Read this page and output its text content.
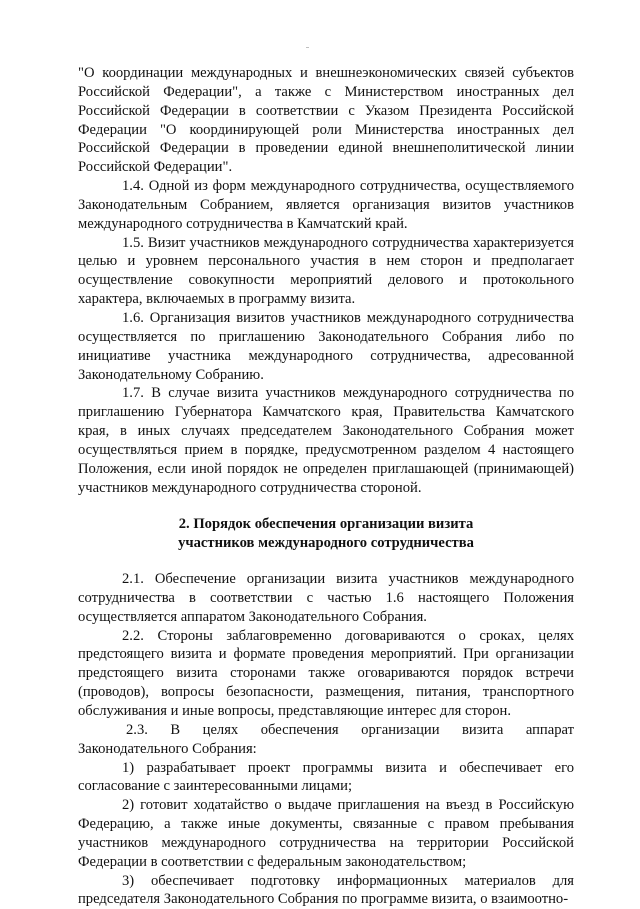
"О координации международных и внешнеэкономических связей субъектов Российской Федерации", а также с Министерством иностранных дел Российской Федерации в соответствии с Указом Президента Российской Федерации "О координирующей роли Министерства иностранных дел Российской Федерации в проведении единой внешнеполитической линии Российской Федерации".

1.4. Одной из форм международного сотрудничества, осуществляемого Законодательным Собранием, является организация визитов участников международного сотрудничества в Камчатский край.

1.5. Визит участников международного сотрудничества характеризуется целью и уровнем персонального участия в нем сторон и предполагает осуществление совокупности мероприятий делового и протокольного характера, включаемых в программу визита.

1.6. Организация визитов участников международного сотрудничества осуществляется по приглашению Законодательного Собрания либо по инициативе участника международного сотрудничества, адресованной Законодательному Собранию.

1.7. В случае визита участников международного сотрудничества по приглашению Губернатора Камчатского края, Правительства Камчатского края, в иных случаях председателем Законодательного Собрания может осуществляться прием в порядке, предусмотренном разделом 4 настоящего Положения, если иной порядок не определен приглашающей (принимающей) участников международного сотрудничества стороной.

2. Порядок обеспечения организации визита

участников международного сотрудничества

2.1. Обеспечение организации визита участников международного сотрудничества в соответствии с частью 1.6 настоящего Положения осуществляется аппаратом Законодательного Собрания.

2.2. Стороны заблаговременно договариваются о сроках, целях предстоящего визита и формате проведения мероприятий. При организации предстоящего визита сторонами также оговариваются порядок встречи (проводов), вопросы безопасности, размещения, питания, транспортного обслуживания и иные вопросы, представляющие интерес для сторон.

2.3. В целях обеспечения организации визита аппарат Законодательного Собрания:

1) разрабатывает проект программы визита и обеспечивает его согласование с заинтересованными лицами;

2) готовит ходатайство о выдаче приглашения на въезд в Российскую Федерацию, а также иные документы, связанные с правом пребывания участников международного сотрудничества на территории Российской Федерации в соответствии с федеральным законодательством;

3) обеспечивает подготовку информационных материалов для председателя Законодательного Собрания по программе визита, о взаимоотно-
